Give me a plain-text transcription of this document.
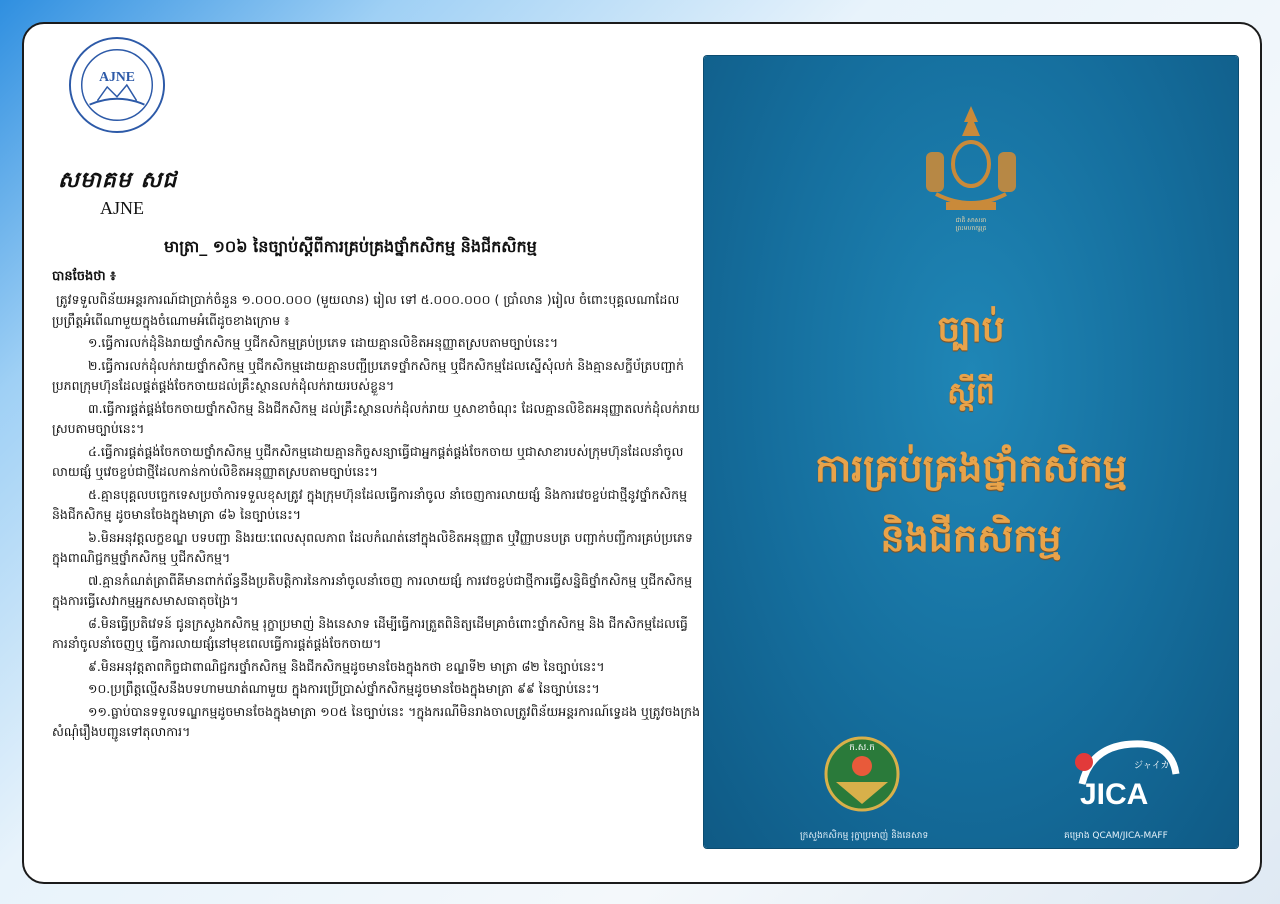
AJNE
សមាគម សជ
AJNE
មាត្រា_ ១០៦ នៃច្បាប់ស្តីពីការគ្រប់គ្រងថ្នាំកសិកម្ម និងជីកសិកម្ម
បានចែងថា ៖

ត្រូវទទួលពិន័យអន្តរការណ៍ជាប្រាក់ចំនួន ១.០០០.០០០ (មួយលាន) រៀល ទៅ ៥.០០០.០០០ ( ប្រាំលាន )រៀល ចំពោះបុគ្គលណាដែលប្រព្រឹត្តអំពើណាមួយក្នុងចំណោមអំពើដូចខាងក្រោម ៖

១.ធ្វើការលក់ដុំនិងរាយថ្នាំកសិកម្ម ឬជីកសិកម្មគ្រប់ប្រភេទ ដោយគ្មានលិខិតអនុញ្ញាតស្របតាមច្បាប់នេះ។

២.ធ្វើការលក់ដុំលក់រាយថ្នាំកសិកម្ម ឬជីកសិកម្មដោយគ្មានបញ្ជីប្រភេទថ្នាំកសិកម្ម ឬជីកសិកម្មដែលស្នើសុំលក់ និងគ្មានសក្ខីប័ត្របញ្ជាក់ប្រភពក្រុមហ៊ុនដែលផ្គត់ផ្គង់ចែកចាយដល់គ្រឹះស្ថានលក់ដុំលក់រាយរបស់ខ្លួន។

៣.ធ្វើការផ្គត់ផ្គង់ចែកចាយថ្នាំកសិកម្ម និងជីកសិកម្ម ដល់គ្រឹះស្ថានលក់ដុំលក់រាយ ឬសាខាចំណុះ ដែលគ្មានលិខិតអនុញ្ញាតលក់ដុំលក់រាយស្របតាមច្បាប់នេះ។

៤.ធ្វើការផ្គត់ផ្គង់ចែកចាយថ្នាំកសិកម្ម ឬជីកសិកម្មដោយគ្មានកិច្ចសន្យាធ្វើជាអ្នកផ្គត់ផ្គង់ចែកចាយ ឬជាសាខារបស់ក្រុមហ៊ុនដែលនាំចូល លាយផ្សំ ឬវេចខ្ចប់ជាថ្មីដែលកាន់កាប់លិខិតអនុញ្ញាតស្របតាមច្បាប់នេះ។

៥.គ្មានបុគ្គលបច្ចេកទេសប្រចាំការទទួលខុសត្រូវ ក្នុងក្រុមហ៊ុនដែលធ្វើការនាំចូល នាំចេញការលាយផ្សំ និងការវេចខ្ចប់ជាថ្មីនូវថ្នាំកសិកម្ម និងជីកសិកម្ម ដូចមានចែងក្នុងមាត្រា ៨៦ នៃច្បាប់នេះ។

៦.មិនអនុវត្តលក្ខខណ្ឌ បទបញ្ជា និងរយៈពេលសុពលភាព ដែលកំណត់នៅក្នុងលិខិតអនុញ្ញាត ឬវិញ្ញាបនបត្រ បញ្ជាក់បញ្ជីការគ្រប់ប្រភេទក្នុងពាណិជ្ជកម្មថ្នាំកសិកម្ម ឬជីកសិកម្ម។

៧.គ្មានកំណត់ត្រាពីគីមានពាក់ព័ន្ធនឹងប្រតិបត្តិការនៃការនាំចូលនាំចេញ ការលាយផ្សំ ការវេចខ្ចប់ជាថ្មីការធ្វើសន្និធិថ្នាំកសិកម្ម ឬជីកសិកម្ម ក្នុងការធ្វើសេវាកម្មអ្នកសមាសធាតុចង្រៃ។

៨.មិនធ្វើប្រតិវេទន៍ ជូនក្រសួងកសិកម្ម រុក្ខាប្រមាញ់ និងនេសាទ ដើម្បីធ្វើការត្រួតពិនិត្យដើមគ្រាចំពោះថ្នាំកសិកម្ម និង ជីកសិកម្មដែលធ្វើការនាំចូលនាំចេញឬ ធ្វើការលាយផ្សំនៅមុខពេលធ្វើការផ្គត់ផ្គង់ចែកចាយ។

៩.មិនអនុវត្តតាពកិច្ចជាពាណិជ្ជករថ្នាំកសិកម្ម និងជីកសិកម្មដូចមានចែងក្នុងកថា ខណ្ឌទី២ មាត្រា ៨២ នៃច្បាប់នេះ។

១០.ប្រព្រឹត្តល្មើសនឹងបទហាមឃាត់ណាមួយ ក្នុងការប្រើប្រាស់ថ្នាំកសិកម្មដូចមានចែងក្នុងមាត្រា ៩៩ នៃច្បាប់នេះ។

១១.ធ្លាប់បានទទួលទណ្ឌកម្មដូចមានចែងក្នុងមាត្រា ១០៥ នៃច្បាប់នេះ ។ក្នុងករណីមិនរាងចាលត្រូវពិន័យអន្តរការណ៍ទ្វេដង ឬត្រូវចងក្រងសំណុំរឿងបញ្ជូនទៅតុលាការ។

ជាតិ សាសនា
ព្រះមហាក្សត្រ
ច្បាប់
ស្តីពី
ការគ្រប់គ្រងថ្នាំកសិកម្ម
និងជីកសិកម្ម
ក.ស.ក
ក្រសួងកសិកម្ម រុក្ខាប្រមាញ់ និងនេសាទ
JICA
ジャイカ
គម្រោង QCAM/JICA-MAFF
